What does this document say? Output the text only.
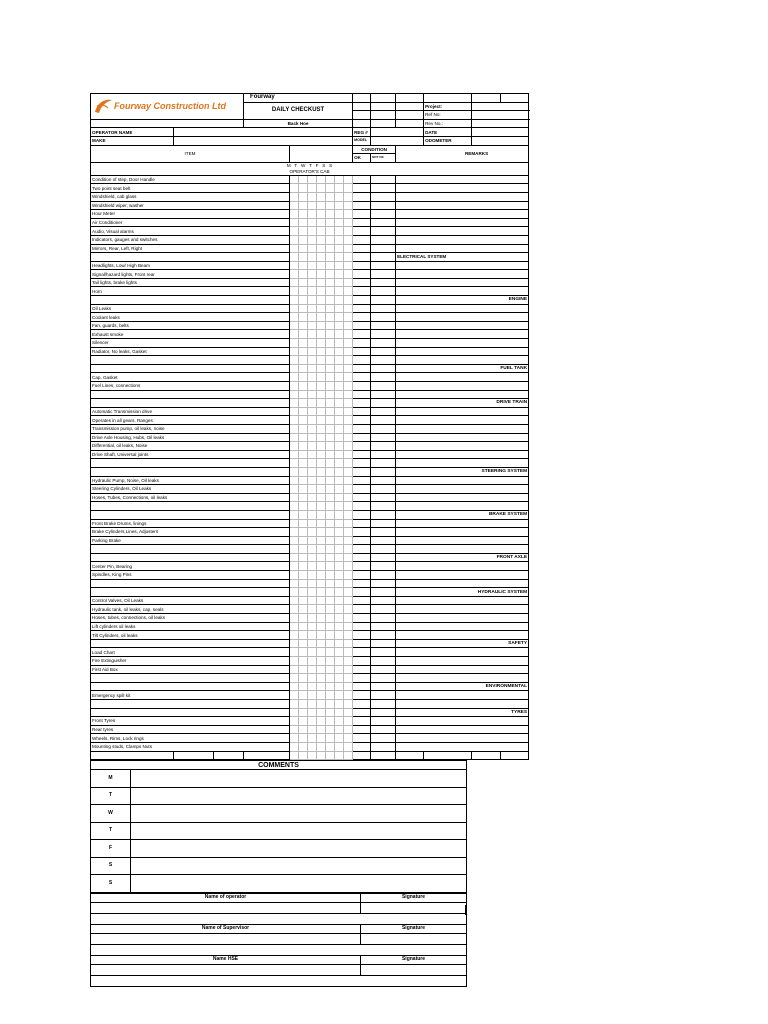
Fourway Construction Ltd			Fourway													
			DAILY CHECKUST											Project:		
														Ref No:		
			Back Hoe											Rev No.:		
OPERATOR NAME											REG #			DATE		
MAKE											MODEL			ODOMETER		
ITEM											CONDITION		REMARKS			
											OK	NOT OK				
M   T   W   T   F   S   S																
OPERATOR'S CAB																
Condition of step, Door Handle																
Two point seat belt																
Windshield, cab glass																
Windshield wiper, washer																
Hour Meter																
Air Conditioner																
Audio, Visual alarms																
Indicators, gauges and switches																
Mirrors, Rear, Left, Right																
													ELECTRICAL SYSTEM			
Headlights, Low/ High Beam																
Signal/hazard lights, Front rear																
Tail lights, brake lights																
Horn																
													ENGINE			
Oil Leaks																
Coolant leaks																
Fan, guards, belts																
Exhaust smoke																
Silencer																
Radiator, No leaks, Gasket																

													FUEL TANK			
Cap, Gasket																
Fuel Lines, connections																

													DRIVE TRAIN			
Automatic Transmission drive																
Operates in all gears, Ranges																
Transmission pump, oil leaks, noise																
Drive Axle Housing, Hubs, Oil leaks																
Differential, oil leaks, Noise																
Drive Shaft, Universal joints																

													STEERING SYSTEM			
Hydraulic Pump, Noise, Oil leaks																
Steering Cylinders, Oil Leaks																
Hoses, Tubes, Connections, oil leaks																

													BRAKE SYSTEM			
Front Brake Drums, linings																
Brake Cylinders,Lines, Adjusters																
Parking Brake																

													FRONT AXLE			
Center Pin, Bearing																
Spindles, King Pins																

													HYDRAULIC SYSTEM			
Control Valves, Oil Leaks																
Hydraulic tank, oil leaks, cap, seals																
Hoses, tubes, connections, oil leaks																
Lift cylinders oil leaks																
Tilt Cylinders, oil leaks																
													SAFETY			
Load Chart																
Fire Extinguisher																
First Aid Box																

													ENVIRONMENTAL			
Emergency spill kit																

													TYRES			
Front Tyres																
Rear tyres																
Wheels, Rims, Lock rings																
Mounting studs, Clamps Nuts																

COMMENTS	
M	
T	
W	
T	
F	
S	
S	
Name of operator	Signature

Name of Supervisor	Signature

Name HSE	Signature
